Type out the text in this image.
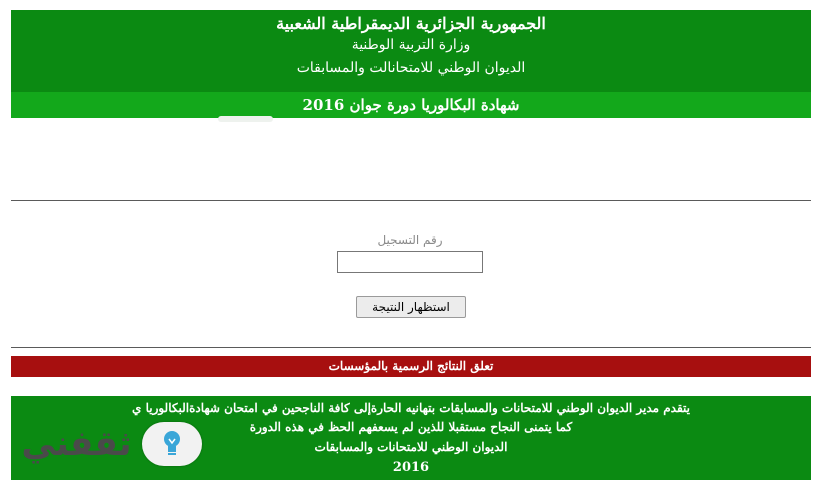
الجمهورية الجزائرية الديمقراطية الشعبية
وزارة التربية الوطنية
الديوان الوطني للامتحانالت والمسابقات
شهادة البكالوريا دورة جوان 2016
رقم التسجيل
استظهار النتيجة
تعلق النتائج الرسمية بالمؤسسات
يتقدم مدير الديوان الوطني للامتحانات والمسابقات بتهانيه الحارةإلى كافة الناجحين في امتحان شهادةالبكالوريا ي
كما يتمنى النجاح مستقبلا للذين لم يسعفهم الحظ في هذه الدورة
الديوان الوطني للامتحانات والمسابقات
2016
ثقفني
